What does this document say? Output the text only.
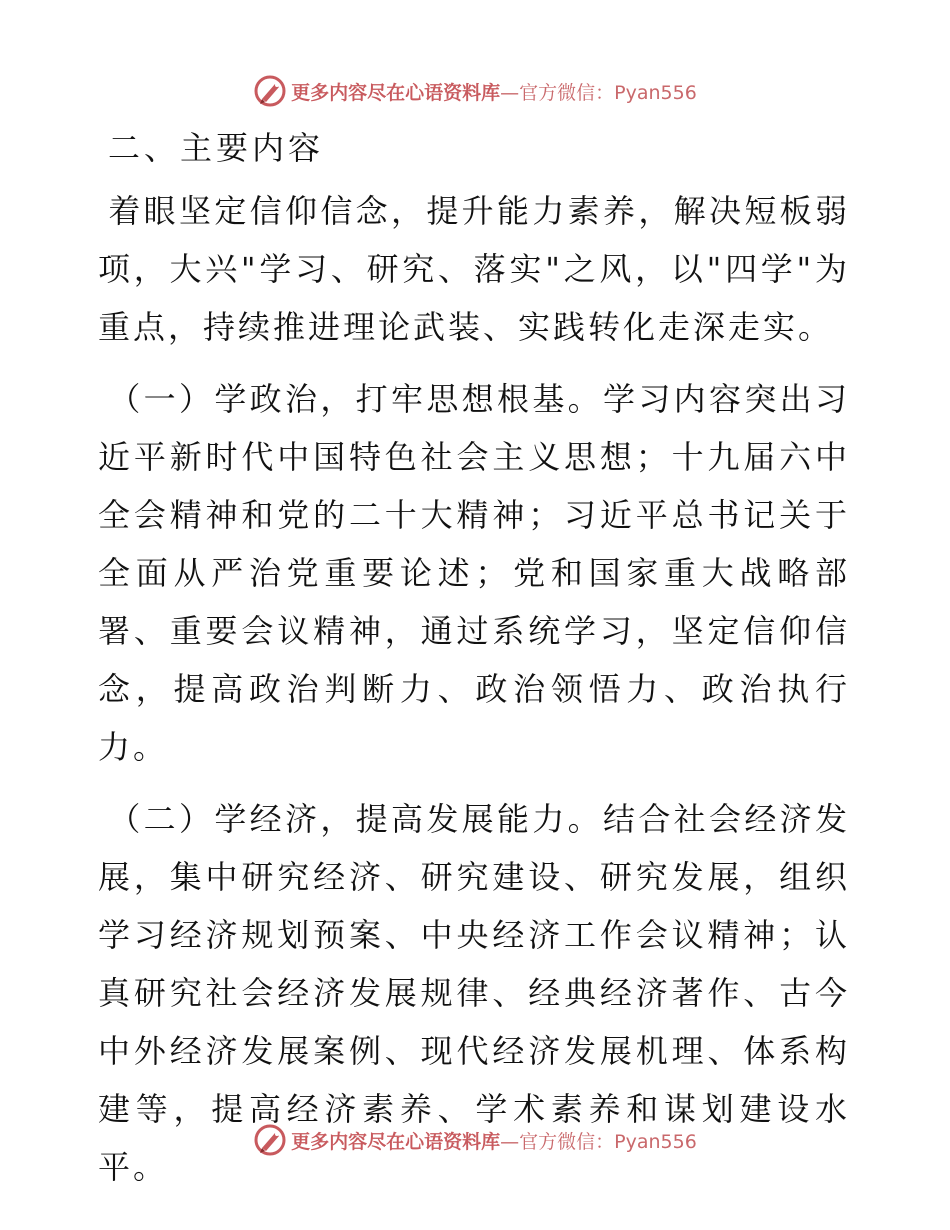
更多内容尽在心语资料库—官方微信：Pyan556
二、主要内容

着眼坚定信仰信念，提升能力素养，解决短板弱项，大兴"学习、研究、落实"之风，以"四学"为重点，持续推进理论武装、实践转化走深走实。

（一）学政治，打牢思想根基。学习内容突出习近平新时代中国特色社会主义思想；十九届六中全会精神和党的二十大精神；习近平总书记关于全面从严治党重要论述；党和国家重大战略部署、重要会议精神，通过系统学习，坚定信仰信念，提高政治判断力、政治领悟力、政治执行力。

（二）学经济，提高发展能力。结合社会经济发展，集中研究经济、研究建设、研究发展，组织学习经济规划预案、中央经济工作会议精神；认真研究社会经济发展规律、经典经济著作、古今中外经济发展案例、现代经济发展机理、体系构建等，提高经济素养、学术素养和谋划建设水平。

更多内容尽在心语资料库—官方微信：Pyan556
